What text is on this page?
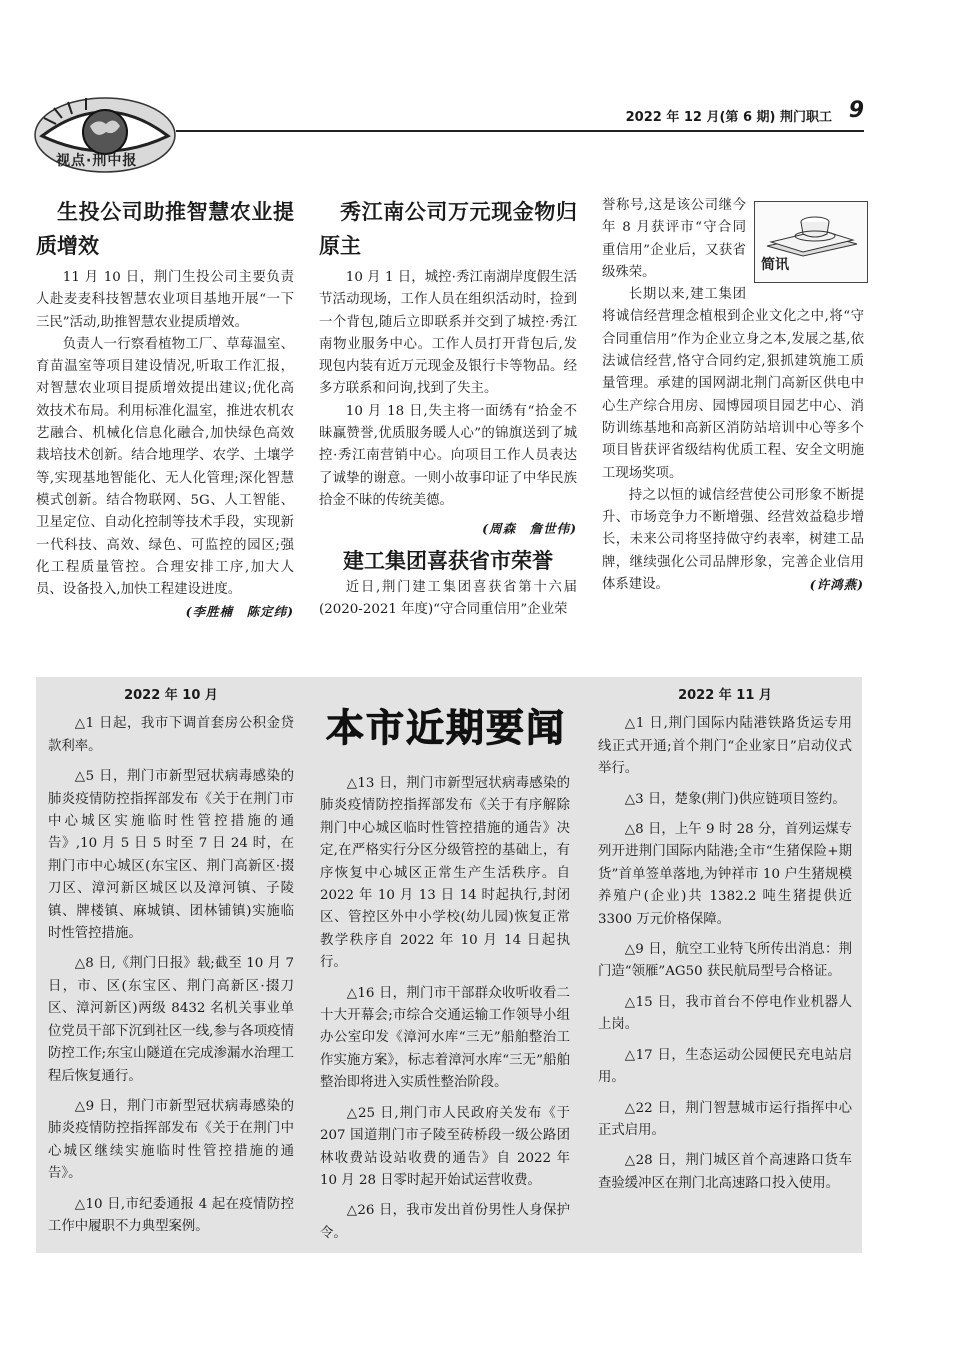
视点·刑中报
2022 年 12 月(第 6 期) 荆门职工 9
生投公司助推智慧农业提质增效

11 月 10 日，荆门生投公司主要负责人赴麦麦科技智慧农业项目基地开展“一下三民”活动,助推智慧农业提质增效。

负责人一行察看植物工厂、草莓温室、育苗温室等项目建设情况,听取工作汇报，对智慧农业项目提质增效提出建议;优化高效技术布局。利用标准化温室，推进农机农艺融合、机械化信息化融合,加快绿色高效栽培技术创新。结合地理学、农学、土壤学等,实现基地智能化、无人化管理;深化智慧模式创新。结合物联网、5G、人工智能、卫星定位、自动化控制等技术手段，实现新一代科技、高效、绿色、可监控的园区;强化工程质量管控。合理安排工序,加大人员、设备投入,加快工程建设进度。

(李胜楠　陈定纬)
秀江南公司万元现金物归原主

10 月 1 日，城控·秀江南湖岸度假生活节活动现场，工作人员在组织活动时，捡到一个背包,随后立即联系并交到了城控·秀江南物业服务中心。工作人员打开背包后,发现包内装有近万元现金及银行卡等物品。经多方联系和问询,找到了失主。

10 月 18 日,失主将一面绣有“拾金不昧赢赞誉,优质服务暖人心”的锦旗送到了城控·秀江南营销中心。向项目工作人员表达了诚挚的谢意。一则小故事印证了中华民族拾金不昧的传统美德。

(周森　詹世伟)
建工集团喜获省市荣誉

近日,荆门建工集团喜获省第十六届(2020-2021 年度)“守合同重信用”企业荣

简讯

誉称号,这是该公司继今年 8 月获评市“守合同重信用”企业后，又获省级殊荣。

长期以来,建工集团将诚信经营理念植根到企业文化之中,将“守合同重信用”作为企业立身之本,发展之基,依法诚信经营,恪守合同约定,狠抓建筑施工质量管理。承建的国网湖北荆门高新区供电中心生产综合用房、园博园项目园艺中心、消防训练基地和高新区消防站培训中心等多个项目皆获评省级结构优质工程、安全文明施工现场奖项。

持之以恒的诚信经营使公司形象不断提升、市场竞争力不断增强、经营效益稳步增长，未来公司将坚持做守约表率，树建工品牌，继续强化公司品牌形象，完善企业信用体系建设。	(许鸿燕)

2022 年 10 月

△1 日起，我市下调首套房公积金贷款利率。

△5 日，荆门市新型冠状病毒感染的肺炎疫情防控指挥部发布《关于在荆门市中心城区实施临时性管控措施的通告》,10 月 5 日 5 时至 7 日 24 时，在荆门市中心城区(东宝区、荆门高新区·掇刀区、漳河新区城区以及漳河镇、子陵镇、牌楼镇、麻城镇、团林铺镇)实施临时性管控措施。

△8 日,《荆门日报》载;截至 10 月 7 日，市、区(东宝区、荆门高新区·掇刀区、漳河新区)两级 8432 名机关事业单位党员干部下沉到社区一线,参与各项疫情防控工作;东宝山隧道在完成渗漏水治理工程后恢复通行。

△9 日，荆门市新型冠状病毒感染的肺炎疫情防控指挥部发布《关于在荆门中心城区继续实施临时性管控措施的通告》。

△10 日,市纪委通报 4 起在疫情防控工作中履职不力典型案例。

本市近期要闻

△13 日，荆门市新型冠状病毒感染的肺炎疫情防控指挥部发布《关于有序解除荆门中心城区临时性管控措施的通告》决定,在严格实行分区分级管控的基础上，有序恢复中心城区正常生产生活秩序。自 2022 年 10 月 13 日 14 时起执行,封闭区、管控区外中小学校(幼儿园)恢复正常教学秩序自 2022 年 10 月 14 日起执行。

△16 日，荆门市干部群众收听收看二十大开幕会;市综合交通运输工作领导小组办公室印发《漳河水库“三无”船舶整治工作实施方案》，标志着漳河水库“三无”船舶整治即将进入实质性整治阶段。

△25 日,荆门市人民政府关发布《于 207 国道荆门市子陵至砖桥段一级公路团林收费站设站收费的通告》自 2022 年 10 月 28 日零时起开始试运营收费。

△26 日，我市发出首份男性人身保护令。

2022 年 11 月

△1 日,荆门国际内陆港铁路货运专用线正式开通;首个荆门“企业家日”启动仪式举行。

△3 日，楚象(荆门)供应链项目签约。

△8 日，上午 9 时 28 分，首列运煤专列开进荆门国际内陆港;全市“生猪保险+期货”首单签单落地,为钟祥市 10 户生猪规模养殖户(企业)共 1382.2 吨生猪提供近 3300 万元价格保障。

△9 日，航空工业特飞所传出消息：荆门造“领雁”AG50 获民航局型号合格证。

△15 日，我市首台不停电作业机器人上岗。

△17 日，生态运动公园便民充电站启用。

△22 日，荆门智慧城市运行指挥中心正式启用。

△28 日，荆门城区首个高速路口货车查验缓冲区在荆门北高速路口投入使用。
